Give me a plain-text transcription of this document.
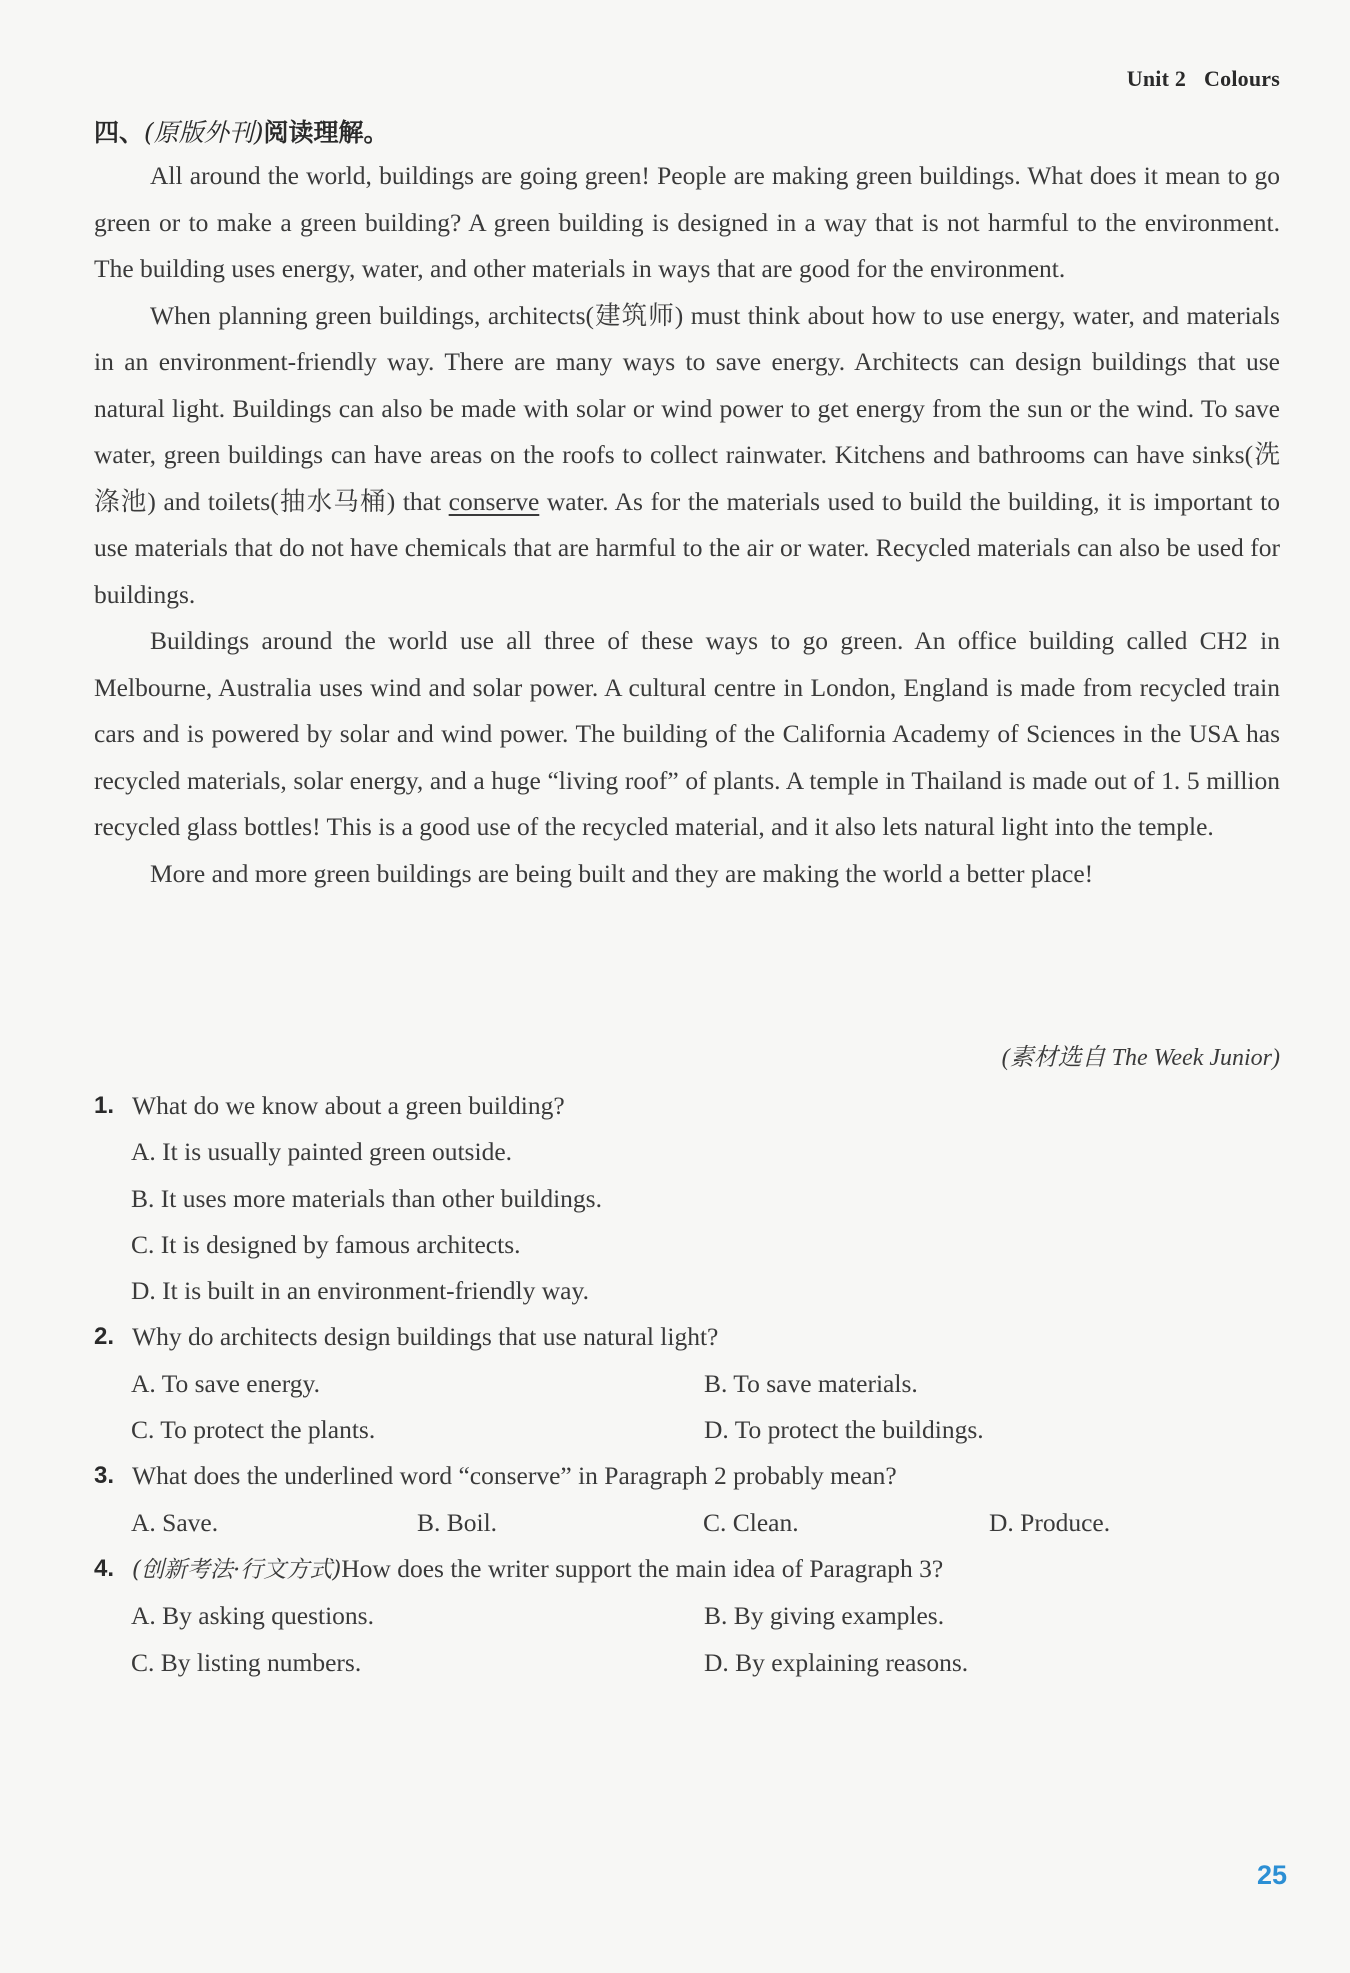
Unit 2 Colours
四、(原版外刊)阅读理解。

All around the world, buildings are going green! People are making green buildings. What does it mean to go green or to make a green building? A green building is designed in a way that is not harmful to the environment. The building uses energy, water, and other materials in ways that are good for the environment.

When planning green buildings, architects(建筑师) must think about how to use energy, water, and materials in an environment-friendly way. There are many ways to save energy. Architects can design buildings that use natural light. Buildings can also be made with solar or wind power to get energy from the sun or the wind. To save water, green buildings can have areas on the roofs to collect rainwater. Kitchens and bathrooms can have sinks(洗涤池) and toilets(抽水马桶) that conserve water. As for the materials used to build the building, it is important to use materials that do not have chemicals that are harmful to the air or water. Recycled materials can also be used for buildings.

Buildings around the world use all three of these ways to go green. An office building called CH2 in Melbourne, Australia uses wind and solar power. A cultural centre in London, England is made from recycled train cars and is powered by solar and wind power. The building of the California Academy of Sciences in the USA has recycled materials, solar energy, and a huge “living roof” of plants. A temple in Thailand is made out of 1. 5 million recycled glass bottles! This is a good use of the recycled material, and it also lets natural light into the temple.

More and more green buildings are being built and they are making the world a better place!

(素材选自 The Week Junior)
1. What do we know about a green building?
A. It is usually painted green outside.
B. It uses more materials than other buildings.
C. It is designed by famous architects.
D. It is built in an environment-friendly way.
2. Why do architects design buildings that use natural light?
A. To save energy.	B. To save materials.
C. To protect the plants.	D. To protect the buildings.
3. What does the underlined word “conserve” in Paragraph 2 probably mean?
A. Save.	B. Boil.	C. Clean.	D. Produce.
4. (创新考法·行文方式)How does the writer support the main idea of Paragraph 3?
A. By asking questions.	B. By giving examples.
C. By listing numbers.	D. By explaining reasons.
25
